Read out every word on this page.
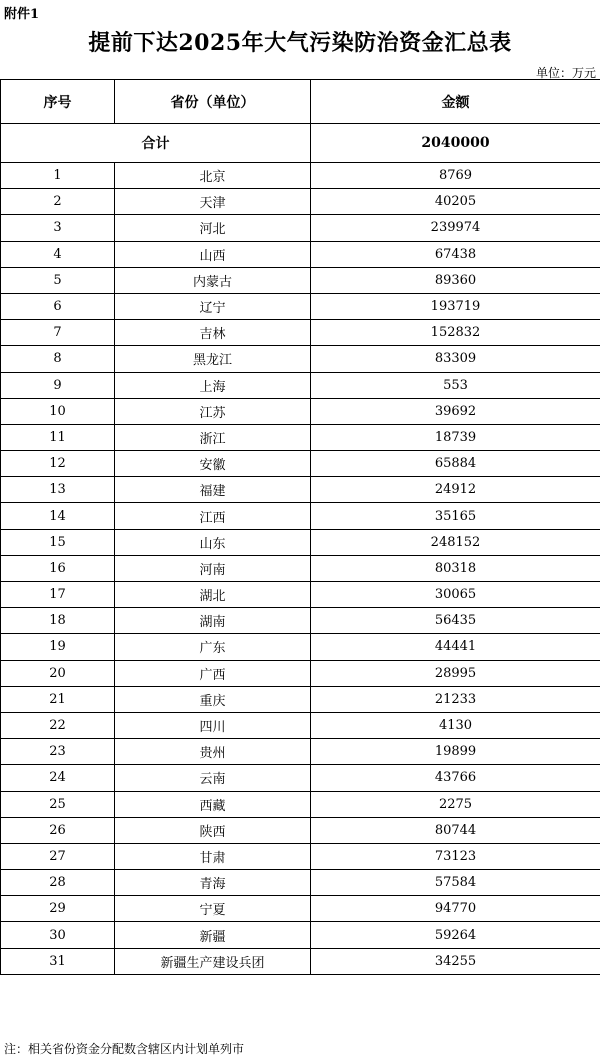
附件1
提前下达2025年大气污染防治资金汇总表
单位：万元
序号	省份（单位）	金额
合计		2040000
1	北京	8769
2	天津	40205
3	河北	239974
4	山西	67438
5	内蒙古	89360
6	辽宁	193719
7	吉林	152832
8	黑龙江	83309
9	上海	553
10	江苏	39692
11	浙江	18739
12	安徽	65884
13	福建	24912
14	江西	35165
15	山东	248152
16	河南	80318
17	湖北	30065
18	湖南	56435
19	广东	44441
20	广西	28995
21	重庆	21233
22	四川	4130
23	贵州	19899
24	云南	43766
25	西藏	2275
26	陕西	80744
27	甘肃	73123
28	青海	57584
29	宁夏	94770
30	新疆	59264
31	新疆生产建设兵团	34255
注：相关省份资金分配数含辖区内计划单列市
